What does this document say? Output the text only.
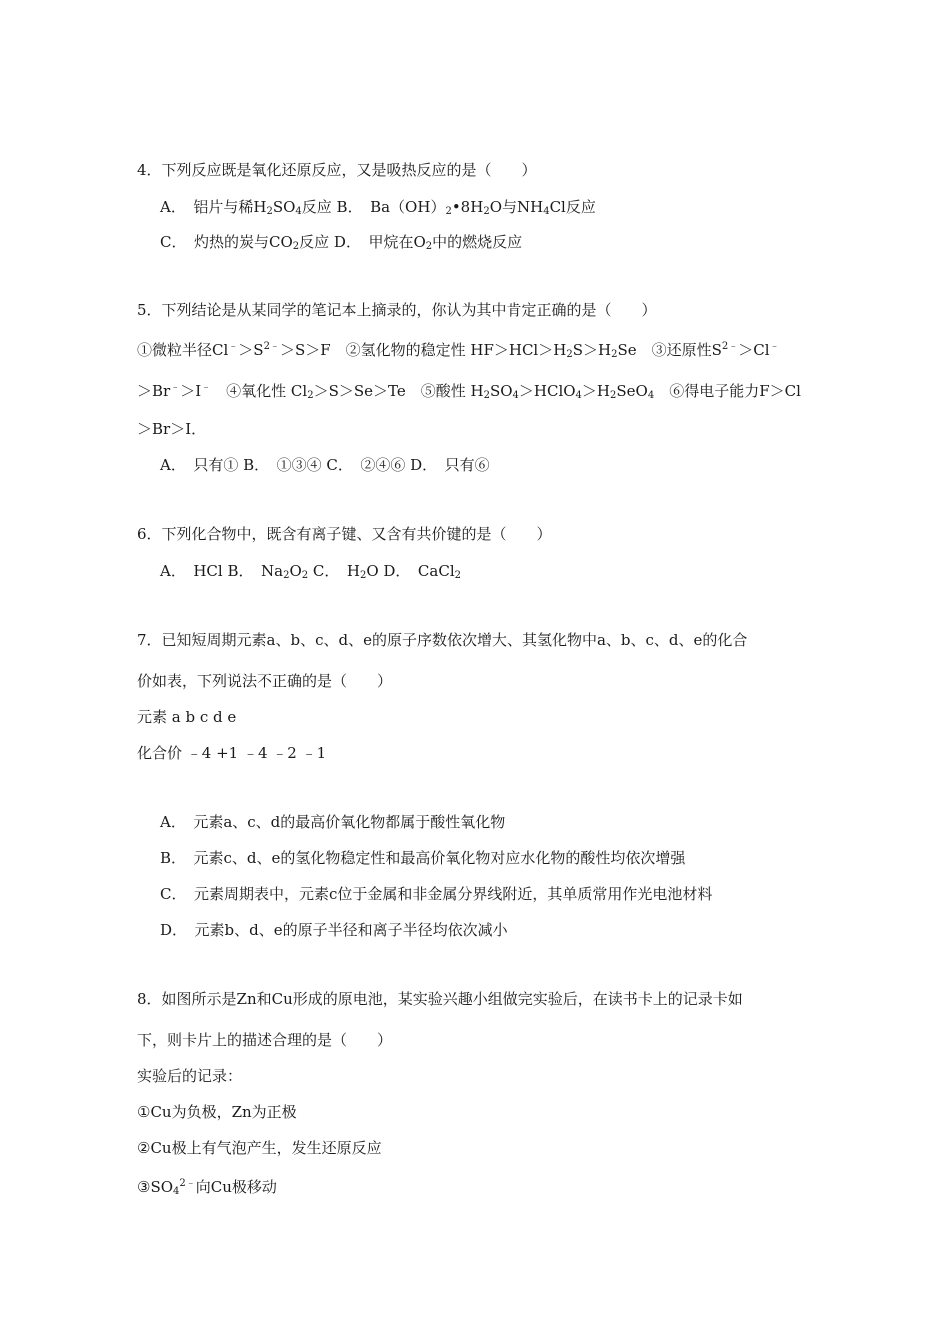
4．下列反应既是氧化还原反应，又是吸热反应的是（　　）
A．　 铝片与稀$H_2SO_4$反应 B．　 $Ba(OH)_2•8H_2O$与$NH_4Cl$反应
C．　 灼热的炭与$CO_2$反应 D．　 甲烷在$O_2$中的燃烧反应
5．下列结论是从某同学的笔记本上摘录的，你认为其中肯定正确的是（　　）
①微粒半径$Cl^﹣>S^{2﹣}>S>F$　②氢化物的稳定性 $HF>HCl>H_2S>H_2Se$　③还原性$S^{2﹣}>Cl^﹣$
＞Br﹣＞I﹣　④氧化性 $Cl_2>S>Se>Te$　⑤酸性 $H_2SO_4>HClO_4>H_2SeO_4$　⑥得电子能力F＞Cl
＞Br＞I．
A．　只有① B．　①③④ C．　②④⑥ D．　只有⑥
6．下列化合物中，既含有离子键、又含有共价键的是（　　）
A．　HCl B．　$Na_2O_2$ C．　$H_2O$ D．　CaCl$_2$
7．已知短周期元素a、b、c、d、e的原子序数依次增大、其氢化物中a、b、c、d、e的化合
价如表，下列说法不正确的是（　　）
元素 a b c d e
化合价 ﹣4 +1 ﹣4 ﹣2 ﹣1
A．　元素a、c、d的最高价氧化物都属于酸性氧化物
B．　元素c、d、e的氢化物稳定性和最高价氧化物对应水化物的酸性均依次增强
C．　元素周期表中，元素c位于金属和非金属分界线附近，其单质常用作光电池材料
D．　元素b、d、e的原子半径和离子半径均依次减小
8．如图所示是Zn和Cu形成的原电池，某实验兴趣小组做完实验后，在读书卡上的记录卡如
下，则卡片上的描述合理的是（　　）
实验后的记录：
①Cu为负极，Zn为正极
②Cu极上有气泡产生，发生还原反应
$③SO_4^{2﹣}$向Cu极移动
